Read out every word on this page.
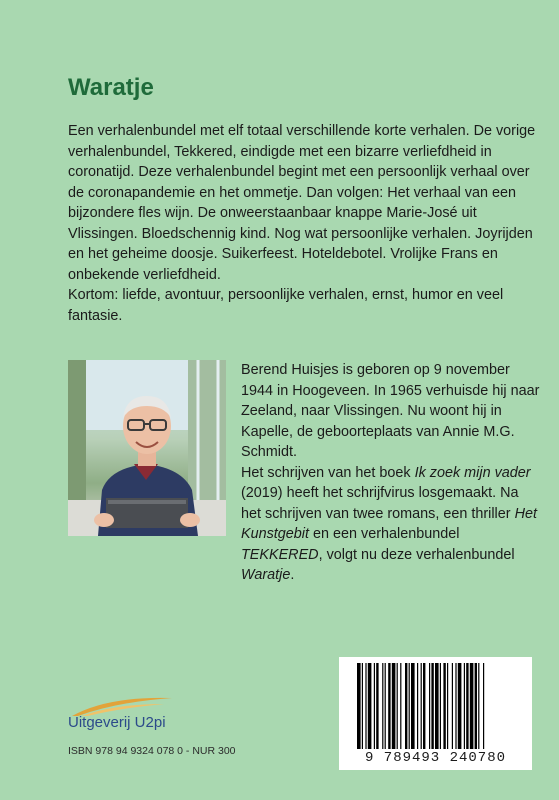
Waratje

Een verhalenbundel met elf totaal verschillende korte verhalen. De vorige verhalenbundel, Tekkered, eindigde met een bizarre verliefdheid in coronatijd. Deze verhalenbundel begint met een persoonlijk verhaal over de coronapandemie en het ommetje. Dan volgen: Het verhaal van een bijzondere fles wijn. De onweerstaanbaar knappe Marie-José uit Vlissingen. Bloedschennig kind. Nog wat persoonlijke verhalen. Joyrijden en het geheime doosje. Suikerfeest. Hoteldebotel. Vrolijke Frans en onbekende verliefdheid.

Kortom: liefde, avontuur, persoonlijke verhalen, ernst, humor en veel fantasie.

Berend Huisjes is geboren op 9 november 1944 in Hoogeveen. In 1965 verhuisde hij naar Zeeland, naar Vlissingen. Nu woont hij in Kapelle, de geboorteplaats van Annie M.G. Schmidt.

Het schrijven van het boek Ik zoek mijn vader (2019) heeft het schrijfvirus losgemaakt. Na het schrijven van twee romans, een thriller Het Kunstgebit en een verhalenbundel TEKKERED, volgt nu deze verhalenbundel Waratje.

Uitgeverij U2pi
ISBN 978 94 9324 078 0 - NUR 300	9 789493 240780
